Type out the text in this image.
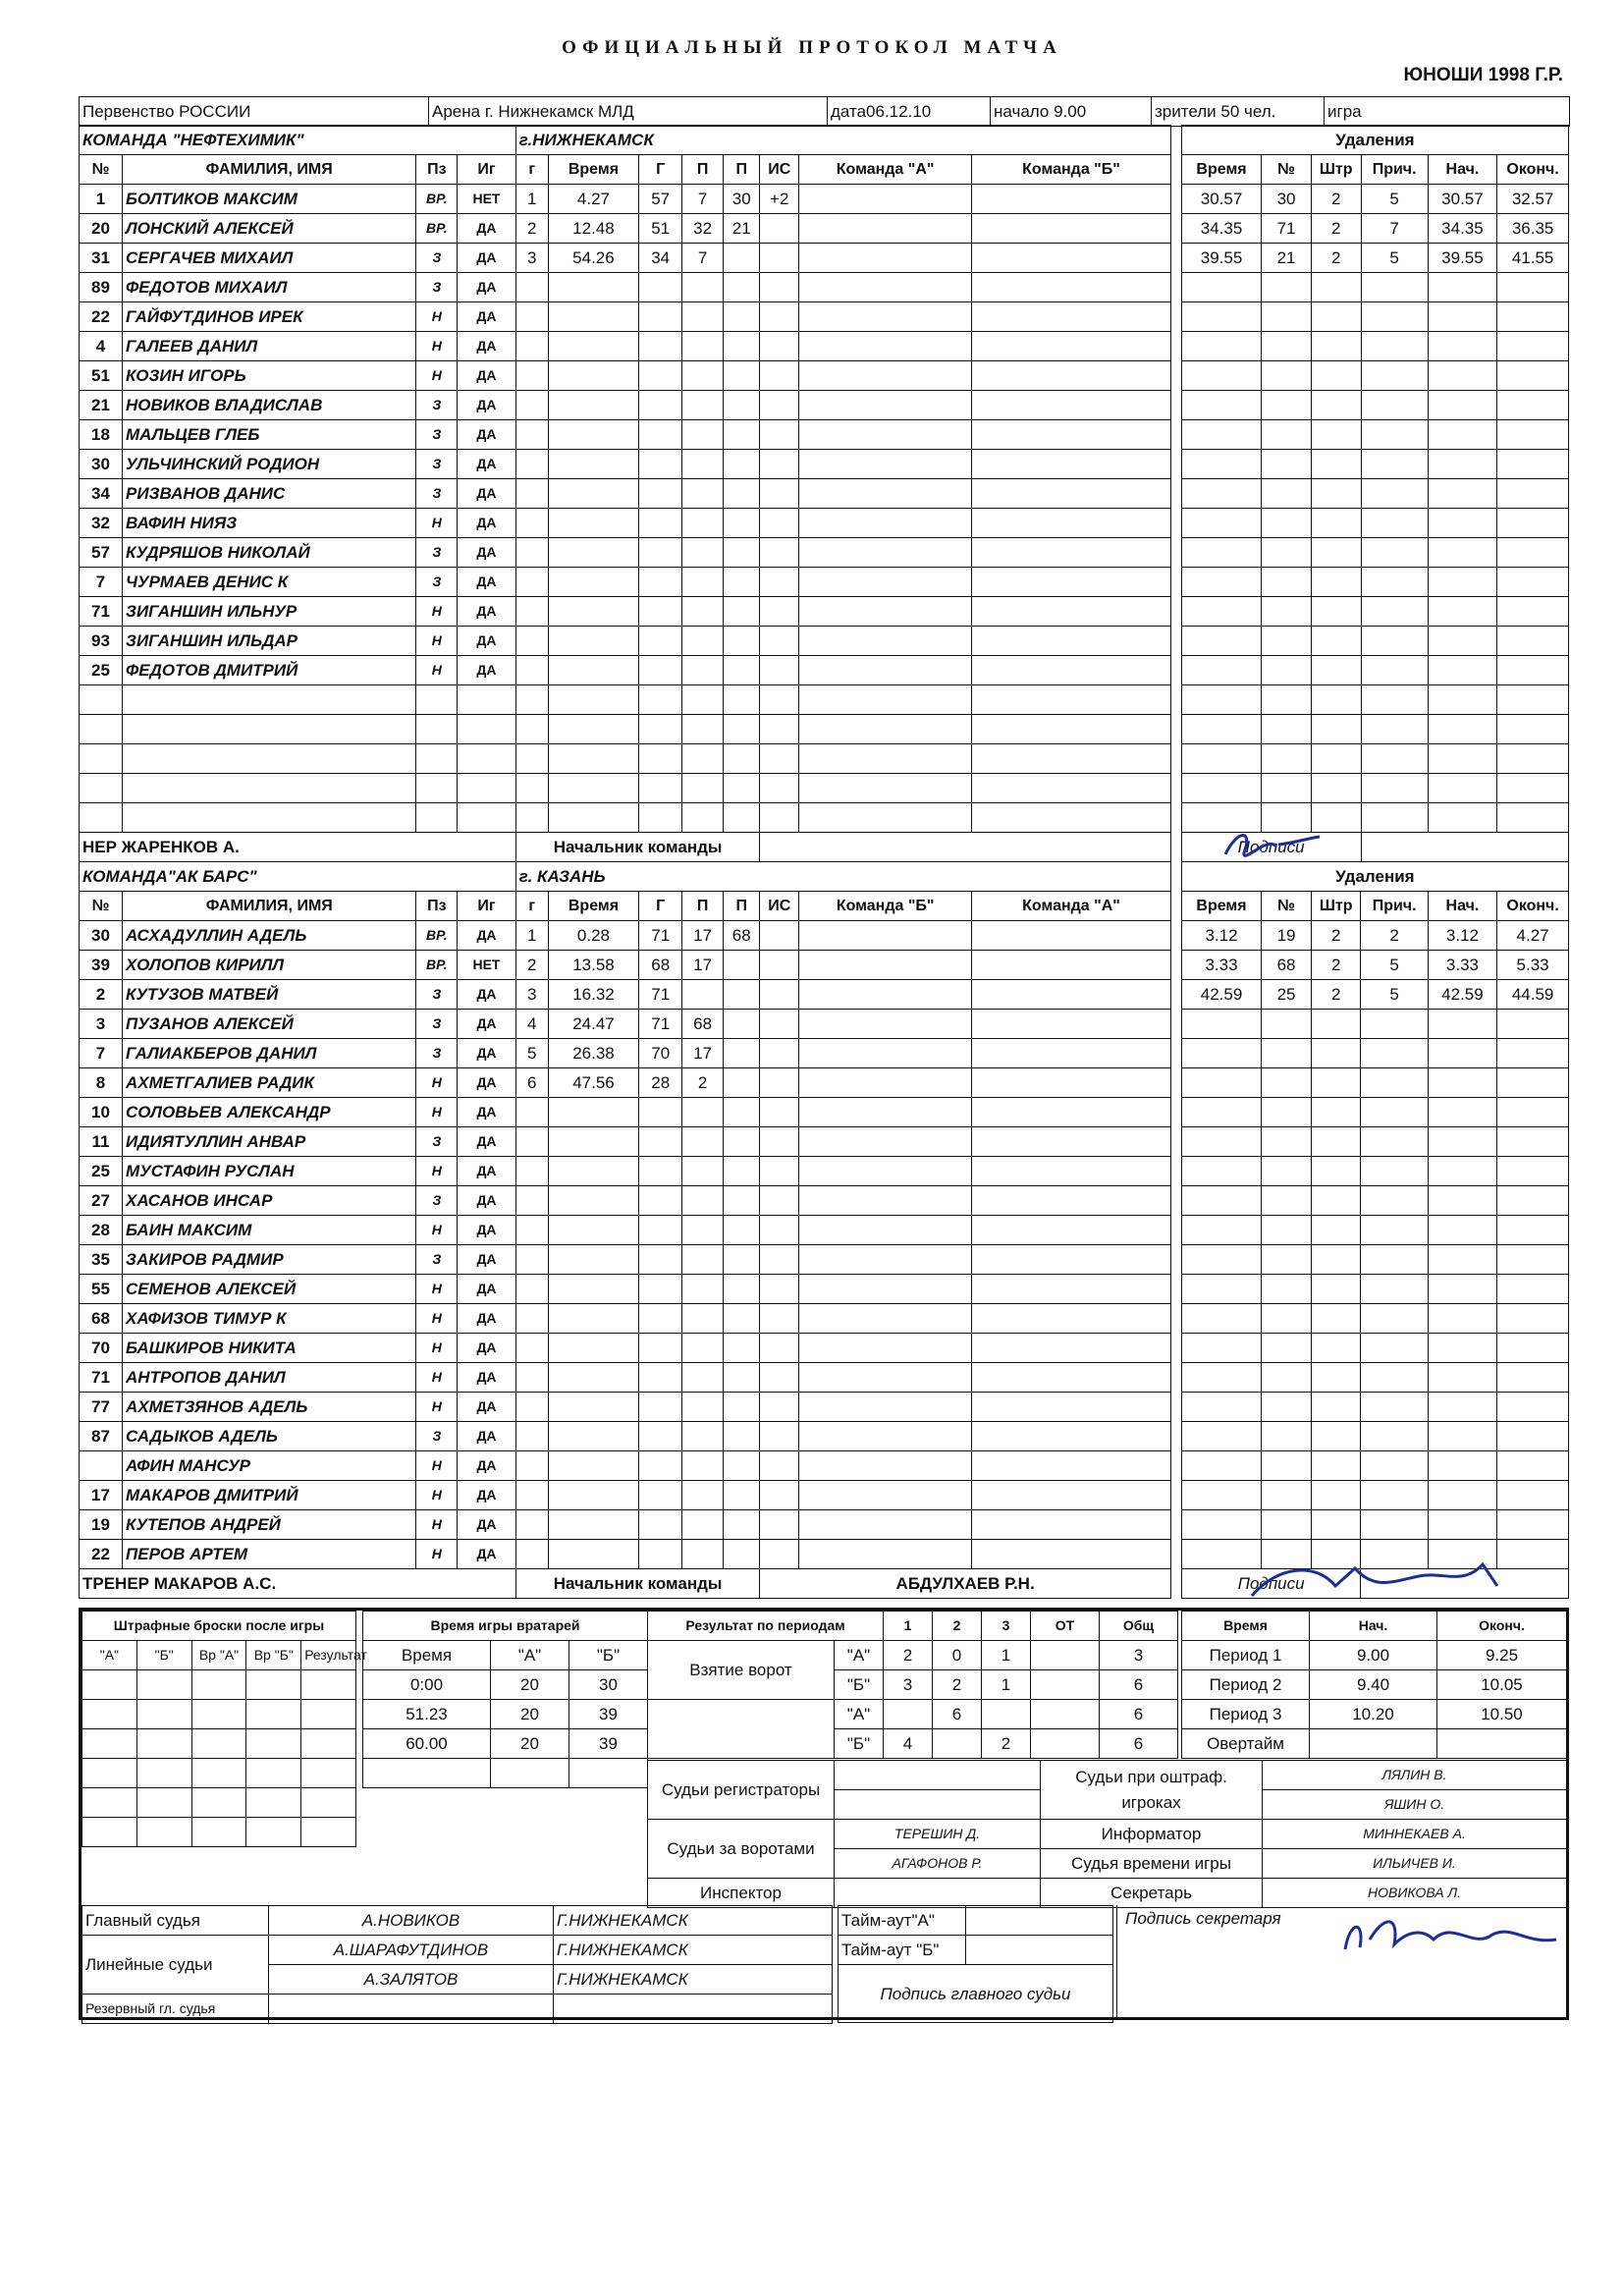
ОФИЦИАЛЬНЫЙ ПРОТОКОЛ МАТЧА
ЮНОШИ 1998 Г.Р.
Первенство РОССИИ	Арена г. Нижнекамск МЛД	дата06.12.10	начало 9.00	зрители 50 чел.	игра
КОМАНДА "НЕФТЕХИМИК"				г.НИЖНЕКАМСК									Удаления					
№	ФАМИЛИЯ, ИМЯ	Пз	Иг	г	Время	Г	П	П	ИС	Команда "А"	Команда "Б"		Время	№	Штр	Прич.	Нач.	Оконч.
1	БОЛТИКОВ МАКСИМ	ВР.	НЕТ	1	4.27	57	7	30	+2				30.57	30	2	5	30.57	32.57
20	ЛОНСКИЙ АЛЕКСЕЙ	ВР.	ДА	2	12.48	51	32	21					34.35	71	2	7	34.35	36.35
31	СЕРГАЧЕВ МИХАИЛ	З	ДА	3	54.26	34	7						39.55	21	2	5	39.55	41.55
89	ФЕДОТОВ МИХАИЛ	З	ДА															
22	ГАЙФУТДИНОВ ИРЕК	Н	ДА															
4	ГАЛЕЕВ ДАНИЛ	Н	ДА															
51	КОЗИН ИГОРЬ	Н	ДА															
21	НОВИКОВ ВЛАДИСЛАВ	З	ДА															
18	МАЛЬЦЕВ ГЛЕБ	З	ДА															
30	УЛЬЧИНСКИЙ РОДИОН	З	ДА															
34	РИЗВАНОВ ДАНИС	З	ДА															
32	ВАФИН НИЯЗ	Н	ДА															
57	КУДРЯШОВ НИКОЛАЙ	З	ДА															
7	ЧУРМАЕВ ДЕНИС К	З	ДА															
71	ЗИГАНШИН ИЛЬНУР	Н	ДА															
93	ЗИГАНШИН ИЛЬДАР	Н	ДА															
25	ФЕДОТОВ ДМИТРИЙ	Н	ДА															

НЕР ЖАРЕНКОВ А.				Начальник команды									Подписи					
КОМАНДА"АК БАРС"				г. КАЗАНЬ									Удаления					
№	ФАМИЛИЯ, ИМЯ	Пз	Иг	г	Время	Г	П	П	ИС	Команда "Б"	Команда "А"		Время	№	Штр	Прич.	Нач.	Оконч.
30	АСХАДУЛЛИН АДЕЛЬ	ВР.	ДА	1	0.28	71	17	68					3.12	19	2	2	3.12	4.27
39	ХОЛОПОВ КИРИЛЛ	ВР.	НЕТ	2	13.58	68	17						3.33	68	2	5	3.33	5.33
2	КУТУЗОВ МАТВЕЙ	З	ДА	3	16.32	71							42.59	25	2	5	42.59	44.59
3	ПУЗАНОВ АЛЕКСЕЙ	З	ДА	4	24.47	71	68											
7	ГАЛИАКБЕРОВ ДАНИЛ	З	ДА	5	26.38	70	17											
8	АХМЕТГАЛИЕВ РАДИК	Н	ДА	6	47.56	28	2											
10	СОЛОВЬЕВ АЛЕКСАНДР	Н	ДА															
11	ИДИЯТУЛЛИН АНВАР	З	ДА															
25	МУСТАФИН РУСЛАН	Н	ДА															
27	ХАСАНОВ ИНСАР	З	ДА															
28	БАИН МАКСИМ	Н	ДА															
35	ЗАКИРОВ РАДМИР	З	ДА															
55	СЕМЕНОВ АЛЕКСЕЙ	Н	ДА															
68	ХАФИЗОВ ТИМУР К	Н	ДА															
70	БАШКИРОВ НИКИТА	Н	ДА															
71	АНТРОПОВ ДАНИЛ	Н	ДА															
77	АХМЕТЗЯНОВ АДЕЛЬ	Н	ДА															
87	САДЫКОВ АДЕЛЬ	З	ДА															
	АФИН МАНСУР	Н	ДА															
17	МАКАРОВ ДМИТРИЙ	Н	ДА															
19	КУТЕПОВ АНДРЕЙ	Н	ДА															
22	ПЕРОВ АРТЕМ	Н	ДА															
ТРЕНЕР МАКАРОВ А.С.				Начальник команды					АБДУЛХАЕВ Р.Н.				Подписи					
Штрафные броски после игры				
"А"	"Б"	Вр "А"	Вр "Б"	Результат

Время игры вратарей		
Время	"А"	"Б"
0:00	20	30
51.23	20	39
60.00	20	39

Результат по периодам		1	2	3	ОТ	Общ
Взятие ворот	"А"	2	0	1		3
	"Б"	3	2	1		6
	"А"		6			6
	"Б"	4		2		6
Время	Нач.	Оконч.
Период 1	9.00	9.25
Период 2	9.40	10.05
Период 3	10.20	10.50
Овертайм		
Судьи регистраторы		Судьи при оштраф. игроках	ЛЯЛИН В.
			ЯШИН О.
Судьи за воротами	ТЕРЕШИН Д.	Информатор	МИННЕКАЕВ А.
	АГАФОНОВ Р.	Судья времени игры	ИЛЬИЧЕВ И.
Инспектор		Секретарь	НОВИКОВА Л.
Главный судья	А.НОВИКОВ	Г.НИЖНЕКАМСК
Линейные судьи	А.ШАРАФУТДИНОВ	Г.НИЖНЕКАМСК
	А.ЗАЛЯТОВ	Г.НИЖНЕКАМСК
Резервный гл. судья		
Тайм-аут"А"	
Тайм-аут "Б"	
Подпись главного судьи	
Подпись секретаря
